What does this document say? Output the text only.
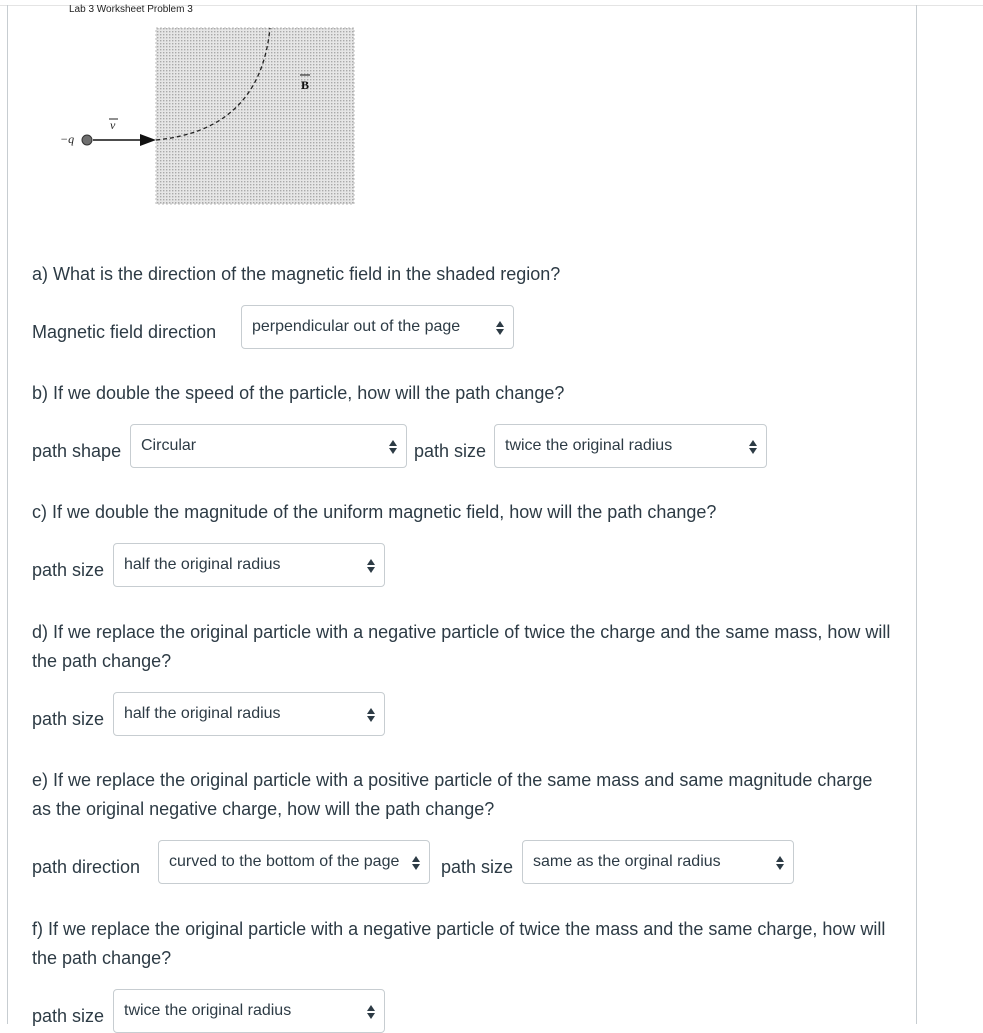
Lab 3 Worksheet Problem 3
B
−q
v
a) What is the direction of the magnetic field in the shaded region?
Magnetic field direction	perpendicular out of the page
b) If we double the speed of the particle, how will the path change?
path shape	Circular	path size	twice the original radius
c) If we double the magnitude of the uniform magnetic field, how will the path change?
path size	half the original radius
d) If we replace the original particle with a negative particle of twice the charge and the same mass, how will the path change?
path size	half the original radius
e) If we replace the original particle with a positive particle of the same mass and same magnitude charge as the original negative charge, how will the path change?
path direction	curved to the bottom of the page	path size	same as the orginal radius
f) If we replace the original particle with a negative particle of twice the mass and the same charge, how will the path change?
path size	twice the original radius
